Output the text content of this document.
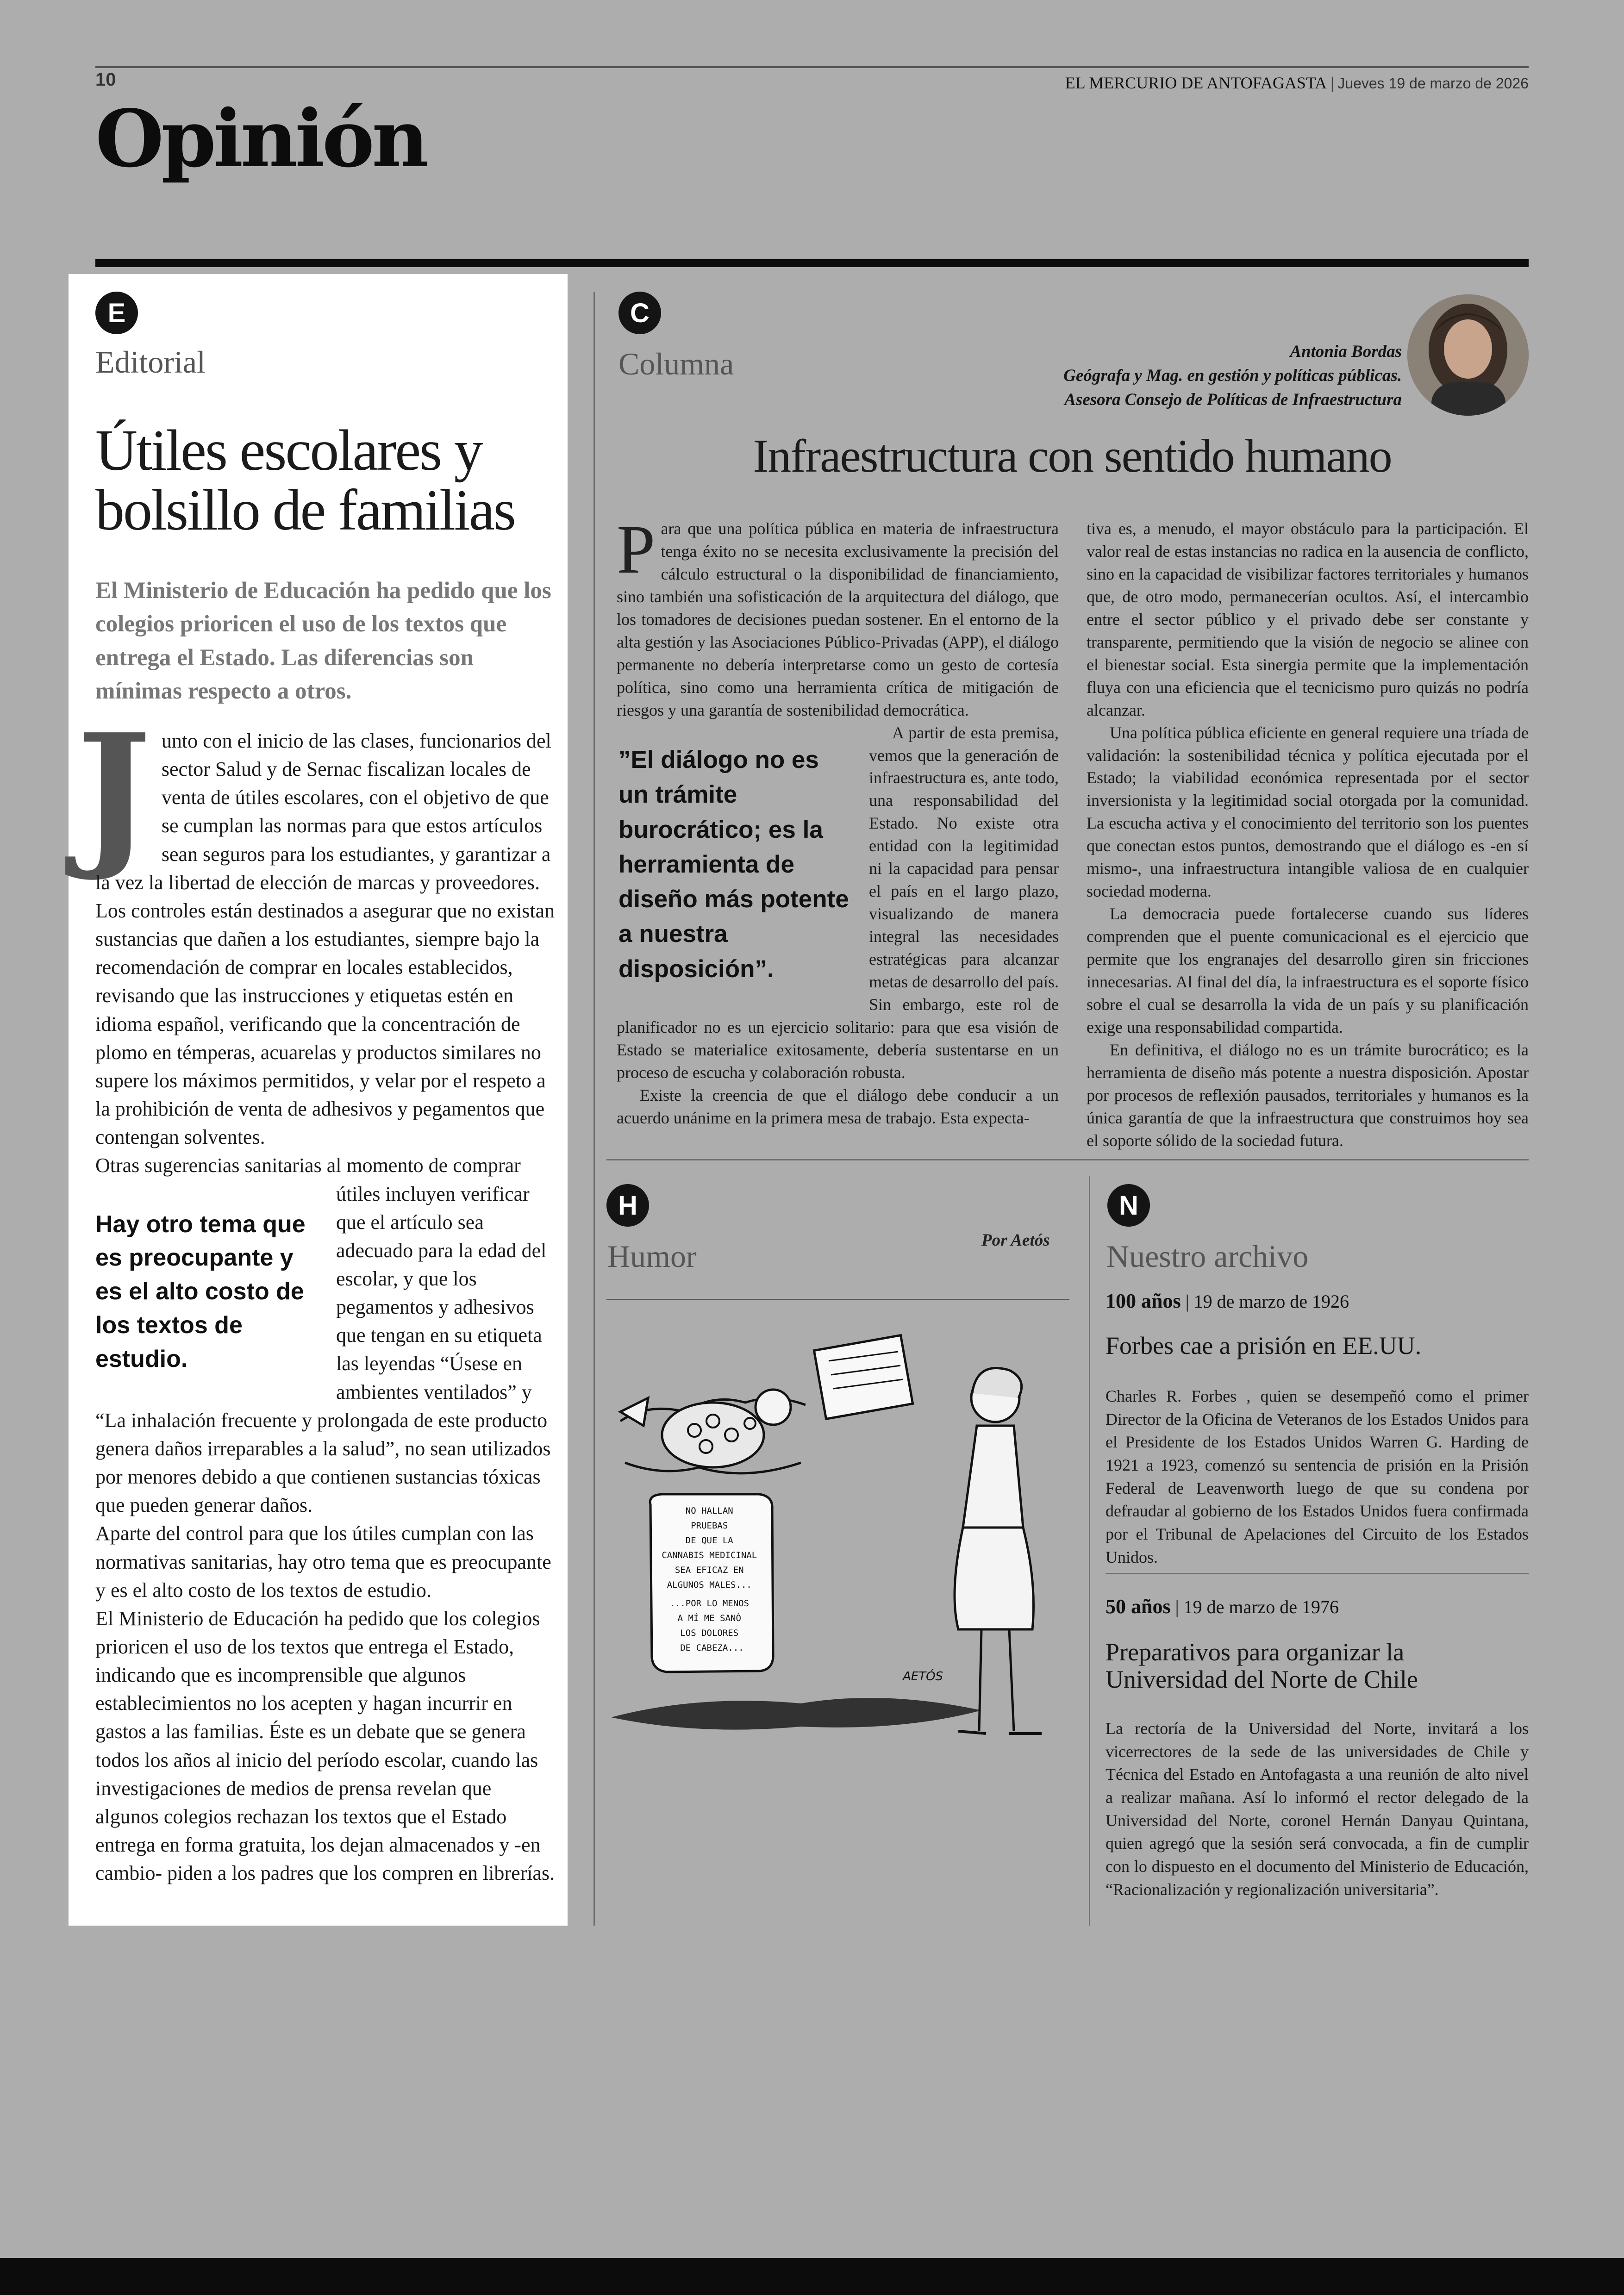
10	EL MERCURIO DE ANTOFAGASTA | Jueves 19 de marzo de 2026
Opinión
E
Editorial
Útiles escolares y bolsillo de familias
El Ministerio de Educación ha pedido que los colegios prioricen el uso de los textos que entrega el Estado. Las diferencias son mínimas respecto a otros.

Junto con el inicio de las clases, funcionarios del sector Salud y de Sernac fiscalizan locales de venta de útiles escolares, con el objetivo de que se cumplan las normas para que estos artículos sean seguros para los estudiantes, y garantizar a la vez la libertad de elección de marcas y proveedores.

Los controles están destinados a asegurar que no existan sustancias que dañen a los estudiantes, siempre bajo la recomendación de comprar en locales establecidos, revisando que las instrucciones y etiquetas estén en idioma español, verificando que la concentración de plomo en témperas, acuarelas y productos similares no supere los máximos permitidos, y velar por el respeto a la prohibición de venta de adhesivos y pegamentos que contengan solventes.

Otras sugerencias sanitarias al momento de comprar

Hay otro tema que es preocupante y es el alto costo de los textos de estudio.

útiles incluyen verificar que el artículo sea adecuado para la edad del escolar, y que los pegamentos y adhesivos que tengan en su etiqueta las leyendas “Úsese en ambientes ventilados” y “La inhalación frecuente y prolongada de este producto genera daños irreparables a la salud”, no sean utilizados por menores debido a que contienen sustancias tóxicas que pueden generar daños.

Aparte del control para que los útiles cumplan con las normativas sanitarias, hay otro tema que es preocupante y es el alto costo de los textos de estudio.

El Ministerio de Educación ha pedido que los colegios prioricen el uso de los textos que entrega el Estado, indicando que es incomprensible que algunos establecimientos no los acepten y hagan incurrir en gastos a las familias. Éste es un debate que se genera todos los años al inicio del período escolar, cuando las investigaciones de medios de prensa revelan que algunos colegios rechazan los textos que el Estado entrega en forma gratuita, los dejan almacenados y -en cambio- piden a los padres que los compren en librerías.

C
Columna	Antonia Bordas
Geógrafa y Mag. en gestión y políticas públicas.
Asesora Consejo de Políticas de Infraestructura
Infraestructura con sentido humano

Para que una política pública en materia de infraestructura tenga éxito no se necesita exclusivamente la precisión del cálculo estructural o la disponibilidad de financiamiento, sino también una sofisticación de la arquitectura del diálogo, que los tomadores de decisiones puedan sostener. En el entorno de la alta gestión y las Asociaciones Público-Privadas (APP), el diálogo permanente no debería interpretarse como un gesto de cortesía política, sino como una herramienta crítica de mitigación de riesgos y una garantía de sostenibilidad democrática.

A partir de esta premisa, vemos que la generación de infraestructura es, ante todo, una responsabilidad del Estado. No existe otra entidad con la legitimidad ni la capacidad para pensar el país en el largo plazo, visualizando de manera integral las necesidades estratégicas para alcanzar metas de desarrollo del país. Sin embargo, este rol de planificador no es un ejercicio solitario: para que esa visión de Estado se materialice exitosamente, debería sustentarse en un proceso de escucha y colaboración robusta.

Existe la creencia de que el diálogo debe conducir a un acuerdo unánime en la primera mesa de trabajo. Esta expecta-

”El diálogo no es un trámite burocrático; es la herramienta de diseño más potente a nuestra disposición”.

tiva es, a menudo, el mayor obstáculo para la participación. El valor real de estas instancias no radica en la ausencia de conflicto, sino en la capacidad de visibilizar factores territoriales y humanos que, de otro modo, permanecerían ocultos. Así, el intercambio entre el sector público y el privado debe ser constante y transparente, permitiendo que la visión de negocio se alinee con el bienestar social. Esta sinergia permite que la implementación fluya con una eficiencia que el tecnicismo puro quizás no podría alcanzar.

Una política pública eficiente en general requiere una tríada de validación: la sostenibilidad técnica y política ejecutada por el Estado; la viabilidad económica representada por el sector inversionista y la legitimidad social otorgada por la comunidad. La escucha activa y el conocimiento del territorio son los puentes que conectan estos puntos, demostrando que el diálogo es -en sí mismo-, una infraestructura intangible valiosa de en cualquier sociedad moderna.

La democracia puede fortalecerse cuando sus líderes comprenden que el puente comunicacional es el ejercicio que permite que los engranajes del desarrollo giren sin fricciones innecesarias. Al final del día, la infraestructura es el soporte físico sobre el cual se desarrolla la vida de un país y su planificación exige una responsabilidad compartida.

En definitiva, el diálogo no es un trámite burocrático; es la herramienta de diseño más potente a nuestra disposición. Apostar por procesos de reflexión pausados, territoriales y humanos es la única garantía de que la infraestructura que construimos hoy sea el soporte sólido de la sociedad futura.

H
Humor	Por Aetós
NO HALLAN PRUEBAS DE QUE LA CANNABIS MEDICINAL SEA EFICAZ EN ALGUNOS MALES... ...POR LO MENOS A MÍ ME SANÓ LOS DOLORES DE CABEZA...
AETÓS
N
Nuestro archivo
100 años | 19 de marzo de 1926
Forbes cae a prisión en EE.UU.
Charles R. Forbes , quien se desempeñó como el primer Director de la Oficina de Veteranos de los Estados Unidos para el Presidente de los Estados Unidos Warren G. Harding de 1921 a 1923, comenzó su sentencia de prisión en la Prisión Federal de Leavenworth luego de que su condena por defraudar al gobierno de los Estados Unidos fuera confirmada por el Tribunal de Apelaciones del Circuito de los Estados Unidos.
50 años | 19 de marzo de 1976
Preparativos para organizar la Universidad del Norte de Chile
La rectoría de la Universidad del Norte, invitará a los vicerrectores de la sede de las universidades de Chile y Técnica del Estado en Antofagasta a una reunión de alto nivel a realizar mañana. Así lo informó el rector delegado de la Universidad del Norte, coronel Hernán Danyau Quintana, quien agregó que la sesión será convocada, a fin de cumplir con lo dispuesto en el documento del Ministerio de Educación, “Racionalización y regionalización universitaria”.
